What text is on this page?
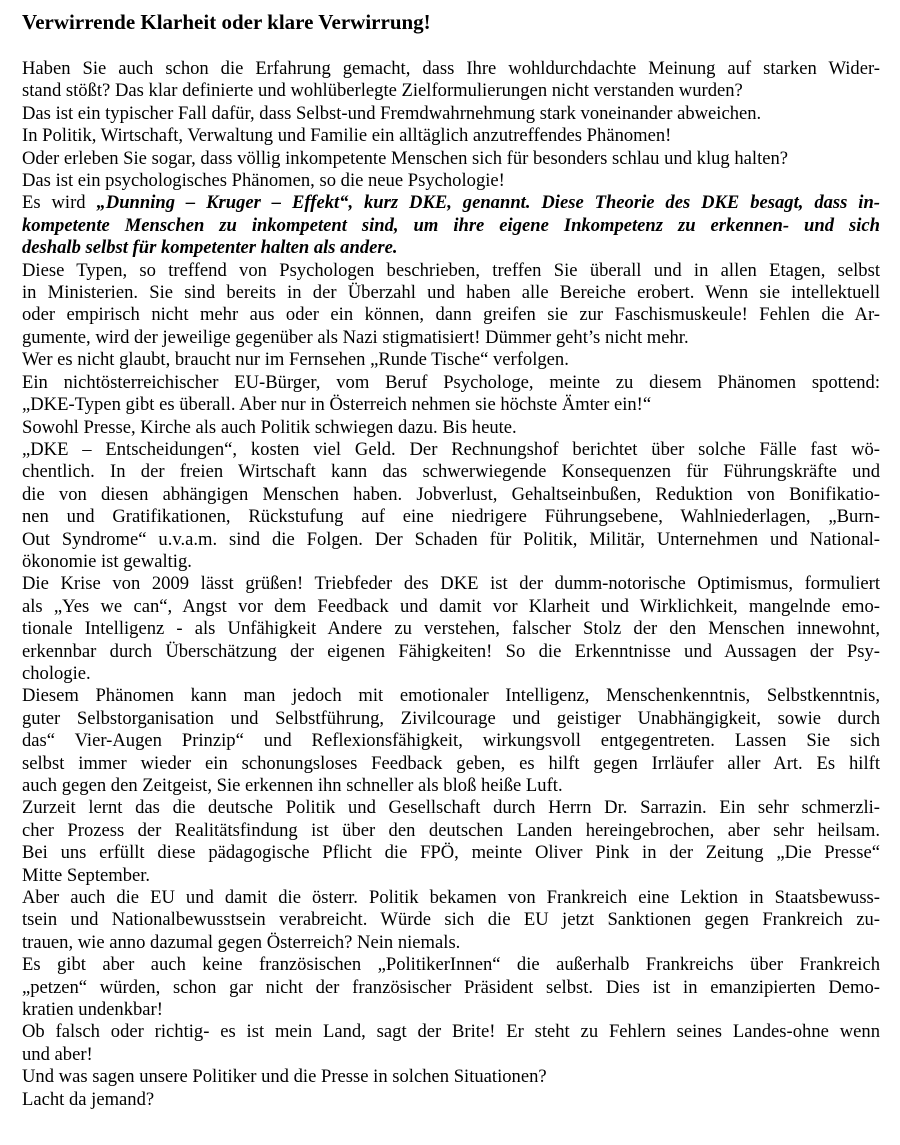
Verwirrende Klarheit oder klare Verwirrung!
Haben Sie auch schon die Erfahrung gemacht, dass Ihre wohldurchdachte Meinung auf starken Wider-
stand stößt? Das klar definierte und wohlüberlegte Zielformulierungen nicht verstanden wurden?
Das ist ein typischer Fall dafür, dass Selbst-und Fremdwahrnehmung stark voneinander abweichen.
In Politik, Wirtschaft, Verwaltung und Familie ein alltäglich anzutreffendes Phänomen!
Oder erleben Sie sogar, dass völlig inkompetente Menschen sich für besonders schlau und klug halten?
Das ist ein psychologisches Phänomen, so die neue Psychologie!
Es wird „Dunning – Kruger – Effekt“, kurz DKE, genannt. Diese Theorie des DKE besagt, dass in-
kompetente Menschen zu inkompetent sind, um ihre eigene Inkompetenz zu erkennen- und sich
deshalb selbst für kompetenter halten als andere.
Diese Typen, so treffend von Psychologen beschrieben, treffen Sie überall und in allen Etagen, selbst
in Ministerien. Sie sind bereits in der Überzahl und haben alle Bereiche erobert. Wenn sie intellektuell
oder empirisch nicht mehr aus oder ein können, dann greifen sie zur Faschismuskeule! Fehlen die Ar-
gumente, wird der jeweilige gegenüber als Nazi stigmatisiert! Dümmer geht’s nicht mehr.
Wer es nicht glaubt, braucht nur im Fernsehen „Runde Tische“ verfolgen.
Ein nichtösterreichischer EU-Bürger, vom Beruf Psychologe, meinte zu diesem Phänomen spottend:
„DKE-Typen gibt es überall. Aber nur in Österreich nehmen sie höchste Ämter ein!“
Sowohl Presse, Kirche als auch Politik schwiegen dazu. Bis heute.
„DKE – Entscheidungen“, kosten viel Geld. Der Rechnungshof berichtet über solche Fälle fast wö-
chentlich. In der freien Wirtschaft kann das schwerwiegende Konsequenzen für Führungskräfte und
die von diesen abhängigen Menschen haben. Jobverlust, Gehaltseinbußen, Reduktion von Bonifikatio-
nen und Gratifikationen, Rückstufung auf eine niedrigere Führungsebene, Wahlniederlagen, „Burn-
Out Syndrome“ u.v.a.m. sind die Folgen. Der Schaden für Politik, Militär, Unternehmen und National-
ökonomie ist gewaltig.
Die Krise von 2009 lässt grüßen! Triebfeder des DKE ist der dumm-notorische Optimismus, formuliert
als „Yes we can“, Angst vor dem Feedback und damit vor Klarheit und Wirklichkeit, mangelnde emo-
tionale Intelligenz - als Unfähigkeit Andere zu verstehen, falscher Stolz der den Menschen innewohnt,
erkennbar durch Überschätzung der eigenen Fähigkeiten! So die Erkenntnisse und Aussagen der Psy-
chologie.
Diesem Phänomen kann man jedoch mit emotionaler Intelligenz, Menschenkenntnis, Selbstkenntnis,
guter Selbstorganisation und Selbstführung, Zivilcourage und geistiger Unabhängigkeit, sowie durch
das“ Vier-Augen Prinzip“ und Reflexionsfähigkeit, wirkungsvoll entgegentreten. Lassen Sie sich
selbst immer wieder ein schonungsloses Feedback geben, es hilft gegen Irrläufer aller Art. Es hilft
auch gegen den Zeitgeist, Sie erkennen ihn schneller als bloß heiße Luft.
Zurzeit lernt das die deutsche Politik und Gesellschaft durch Herrn Dr. Sarrazin. Ein sehr schmerzli-
cher Prozess der Realitätsfindung ist über den deutschen Landen hereingebrochen, aber sehr heilsam.
Bei uns erfüllt diese pädagogische Pflicht die FPÖ, meinte Oliver Pink in der Zeitung „Die Presse“
Mitte September.
Aber auch die EU und damit die österr. Politik bekamen von Frankreich eine Lektion in Staatsbewuss-
tsein und Nationalbewusstsein verabreicht. Würde sich die EU jetzt Sanktionen gegen Frankreich zu-
trauen, wie anno dazumal gegen Österreich? Nein niemals.
Es gibt aber auch keine französischen „PolitikerInnen“ die außerhalb Frankreichs über Frankreich
„petzen“ würden, schon gar nicht der französischer Präsident selbst. Dies ist in emanzipierten Demo-
kratien undenkbar!
Ob falsch oder richtig- es ist mein Land, sagt der Brite! Er steht zu Fehlern seines Landes-ohne wenn
und aber!
Und was sagen unsere Politiker und die Presse in solchen Situationen?
Lacht da jemand?
